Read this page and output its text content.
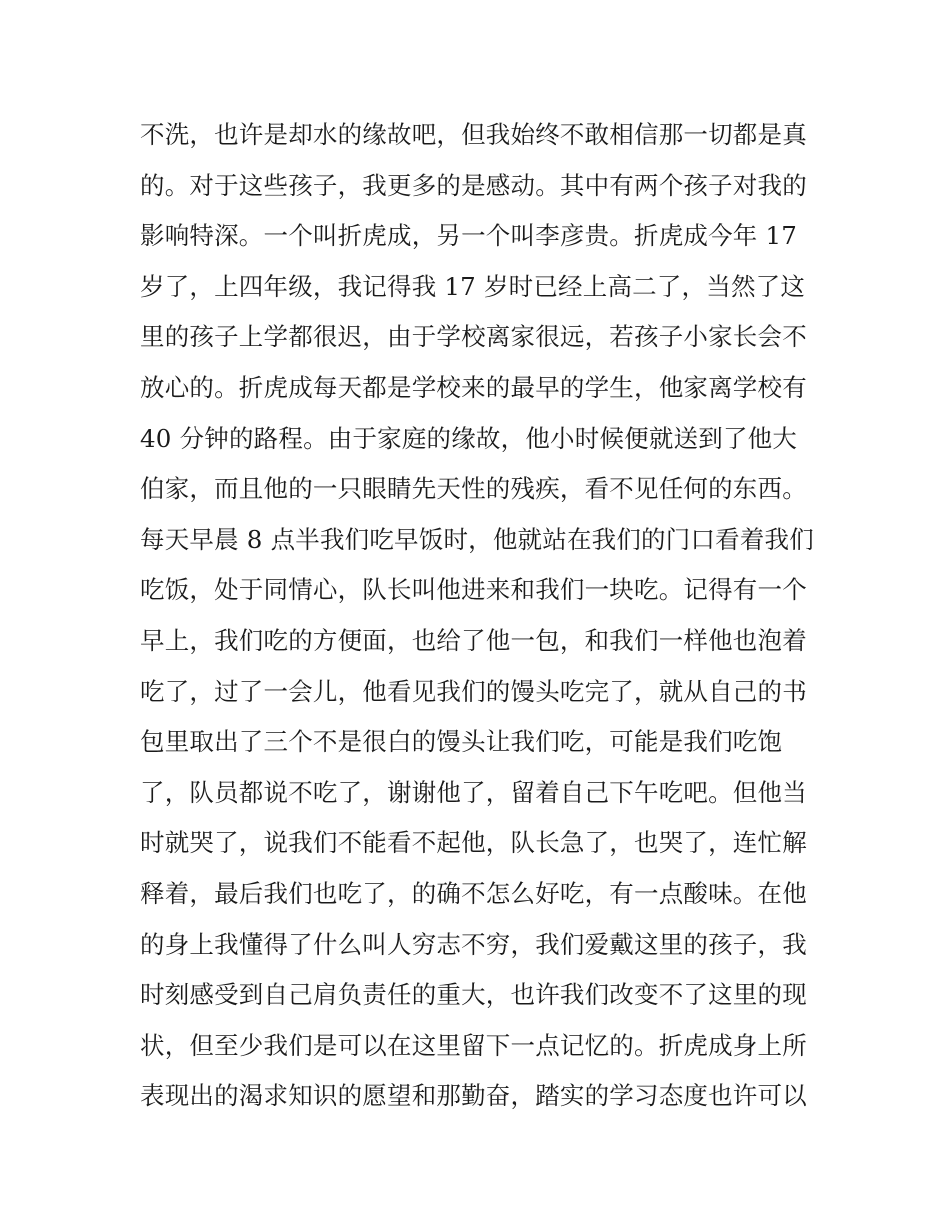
不洗，也许是却水的缘故吧，但我始终不敢相信那一切都是真
的。对于这些孩子，我更多的是感动。其中有两个孩子对我的
影响特深。一个叫折虎成，另一个叫李彦贵。折虎成今年 17
岁了，上四年级，我记得我 17 岁时已经上高二了，当然了这
里的孩子上学都很迟，由于学校离家很远，若孩子小家长会不
放心的。折虎成每天都是学校来的最早的学生，他家离学校有
40 分钟的路程。由于家庭的缘故，他小时候便就送到了他大
伯家，而且他的一只眼睛先天性的残疾，看不见任何的东西。
每天早晨 8 点半我们吃早饭时，他就站在我们的门口看着我们
吃饭，处于同情心，队长叫他进来和我们一块吃。记得有一个
早上，我们吃的方便面，也给了他一包，和我们一样他也泡着
吃了，过了一会儿，他看见我们的馒头吃完了，就从自己的书
包里取出了三个不是很白的馒头让我们吃，可能是我们吃饱
了，队员都说不吃了，谢谢他了，留着自己下午吃吧。但他当
时就哭了，说我们不能看不起他，队长急了，也哭了，连忙解
释着，最后我们也吃了，的确不怎么好吃，有一点酸味。在他
的身上我懂得了什么叫人穷志不穷，我们爱戴这里的孩子，我
时刻感受到自己肩负责任的重大，也许我们改变不了这里的现
状，但至少我们是可以在这里留下一点记忆的。折虎成身上所
表现出的渴求知识的愿望和那勤奋，踏实的学习态度也许可以
